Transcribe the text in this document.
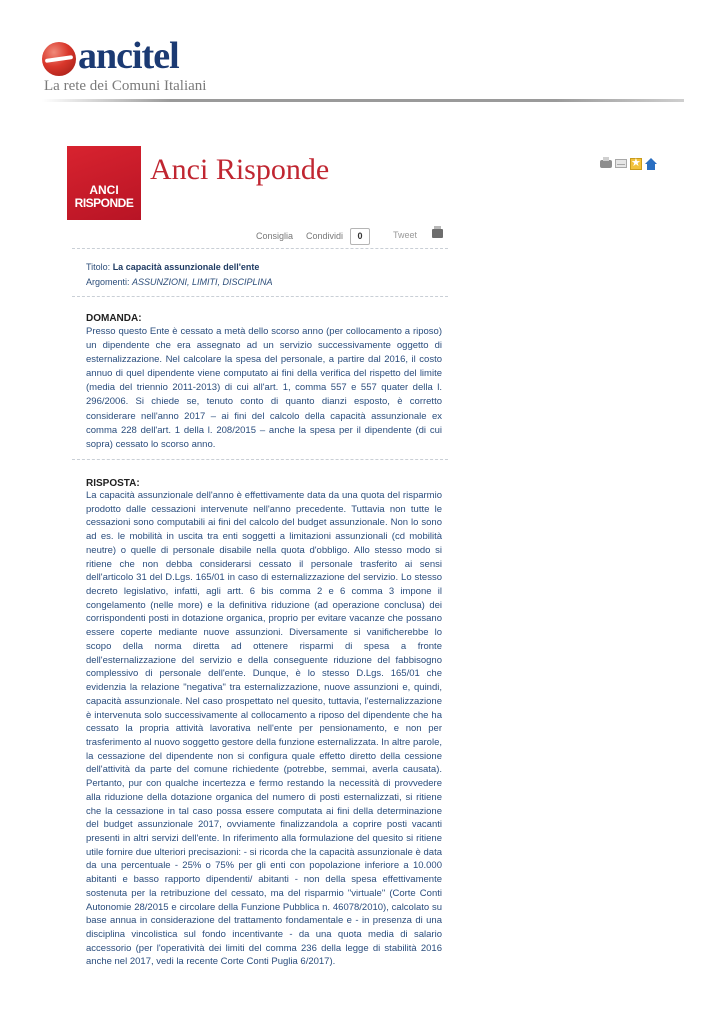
ancitel
La rete dei Comuni Italiani
ANCI
RISPONDE
Anci Risponde
★
Consiglia Condividi	0	Tweet
Titolo: La capacità assunzionale dell'ente
Argomenti: ASSUNZIONI, LIMITI, DISCIPLINA
DOMANDA:

Presso questo Ente è cessato a metà dello scorso anno (per collocamento a riposo) un dipendente che era assegnato ad un servizio successivamente oggetto di esternalizzazione. Nel calcolare la spesa del personale, a partire dal 2016, il costo annuo di quel dipendente viene computato ai fini della verifica del rispetto del limite (media del triennio 2011-2013) di cui all'art. 1, comma 557 e 557 quater della l. 296/2006. Si chiede se, tenuto conto di quanto dianzi esposto, è corretto considerare nell'anno 2017 – ai fini del calcolo della capacità assunzionale ex comma 228 dell'art. 1 della l. 208/2015 – anche la spesa per il dipendente (di cui sopra) cessato lo scorso anno.

RISPOSTA:

La capacità assunzionale dell'anno è effettivamente data da una quota del risparmio prodotto dalle cessazioni intervenute nell'anno precedente. Tuttavia non tutte le cessazioni sono computabili ai fini del calcolo del budget assunzionale. Non lo sono ad es. le mobilità in uscita tra enti soggetti a limitazioni assunzionali (cd mobilità neutre) o quelle di personale disabile nella quota d'obbligo. Allo stesso modo si ritiene che non debba considerarsi cessato il personale trasferito ai sensi dell'articolo 31 del D.Lgs. 165/01 in caso di esternalizzazione del servizio. Lo stesso decreto legislativo, infatti, agli artt. 6 bis comma 2 e 6 comma 3 impone il congelamento (nelle more) e la definitiva riduzione (ad operazione conclusa) dei corrispondenti posti in dotazione organica, proprio per evitare vacanze che possano essere coperte mediante nuove assunzioni. Diversamente si vanificherebbe lo scopo della norma diretta ad ottenere risparmi di spesa a fronte dell'esternalizzazione del servizio e della conseguente riduzione del fabbisogno complessivo di personale dell'ente. Dunque, è lo stesso D.Lgs. 165/01 che evidenzia la relazione "negativa" tra esternalizzazione, nuove assunzioni e, quindi, capacità assunzionale. Nel caso prospettato nel quesito, tuttavia, l'esternalizzazione è intervenuta solo successivamente al collocamento a riposo del dipendente che ha cessato la propria attività lavorativa nell'ente per pensionamento, e non per trasferimento al nuovo soggetto gestore della funzione esternalizzata. In altre parole, la cessazione del dipendente non si configura quale effetto diretto della cessione dell'attività da parte del comune richiedente (potrebbe, semmai, averla causata). Pertanto, pur con qualche incertezza e fermo restando la necessità di provvedere alla riduzione della dotazione organica del numero di posti esternalizzati, si ritiene che la cessazione in tal caso possa essere computata ai fini della determinazione del budget assunzionale 2017, ovviamente finalizzandola a coprire posti vacanti presenti in altri servizi dell'ente. In riferimento alla formulazione del quesito si ritiene utile fornire due ulteriori precisazioni: - si ricorda che la capacità assunzionale è data da una percentuale - 25% o 75% per gli enti con popolazione inferiore a 10.000 abitanti e basso rapporto dipendenti/ abitanti - non della spesa effettivamente sostenuta per la retribuzione del cessato, ma del risparmio "virtuale" (Corte Conti Autonomie 28/2015 e circolare della Funzione Pubblica n. 46078/2010), calcolato su base annua in considerazione del trattamento fondamentale e - in presenza di una disciplina vincolistica sul fondo incentivante - da una quota media di salario accessorio (per l'operatività dei limiti del comma 236 della legge di stabilità 2016 anche nel 2017, vedi la recente Corte Conti Puglia 6/2017).
